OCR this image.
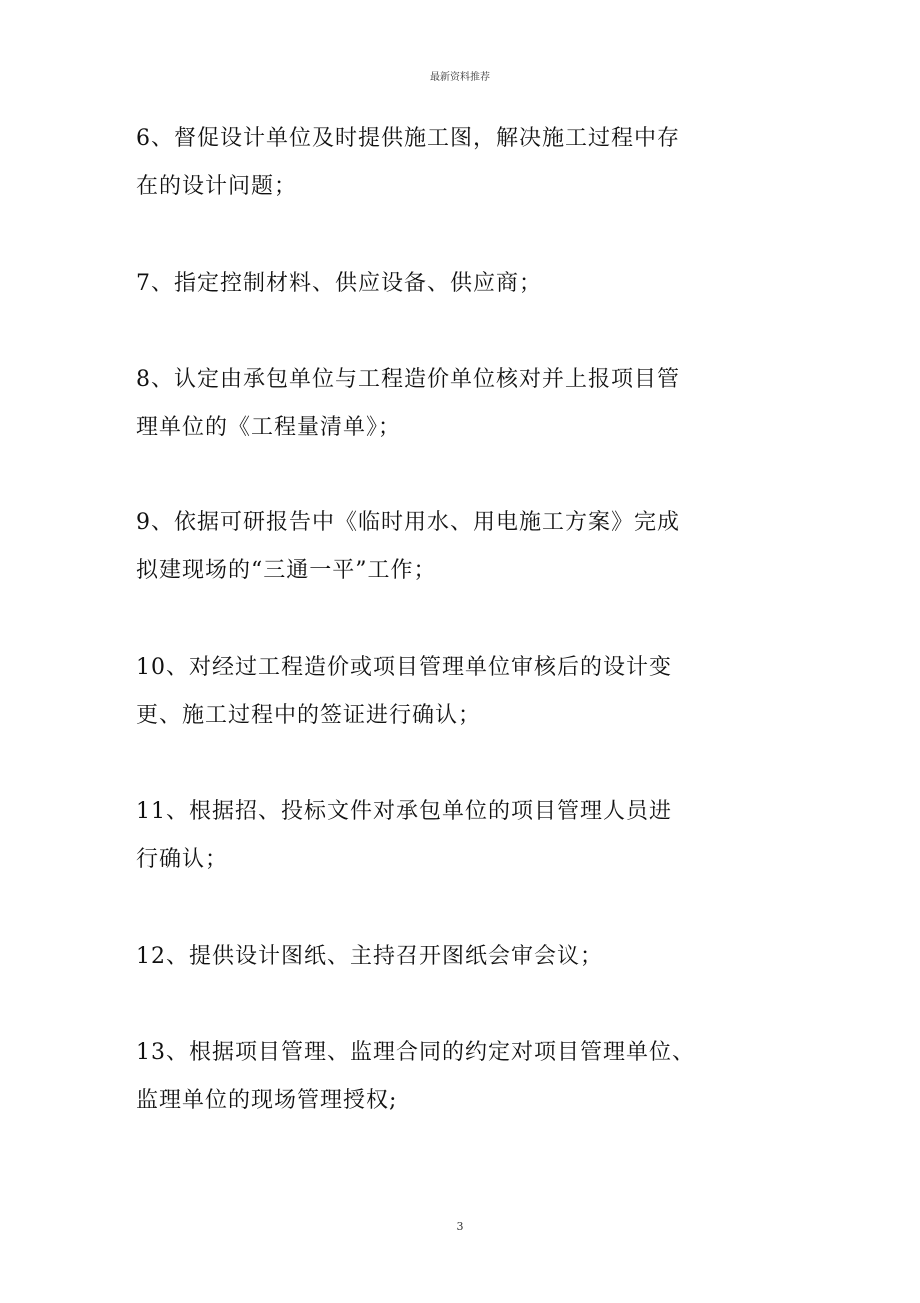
最新资料推荐

6、督促设计单位及时提供施工图，解决施工过程中存
在的设计问题；

7、指定控制材料、供应设备、供应商；

8、认定由承包单位与工程造价单位核对并上报项目管
理单位的《工程量清单》；

9、依据可研报告中《临时用水、用电施工方案》完成
拟建现场的“三通一平”工作；

10、对经过工程造价或项目管理单位审核后的设计变
更、施工过程中的签证进行确认；

11、根据招、投标文件对承包单位的项目管理人员进
行确认；

12、提供设计图纸、主持召开图纸会审会议；

13、根据项目管理、监理合同的约定对项目管理单位、
监理单位的现场管理授权;

3
